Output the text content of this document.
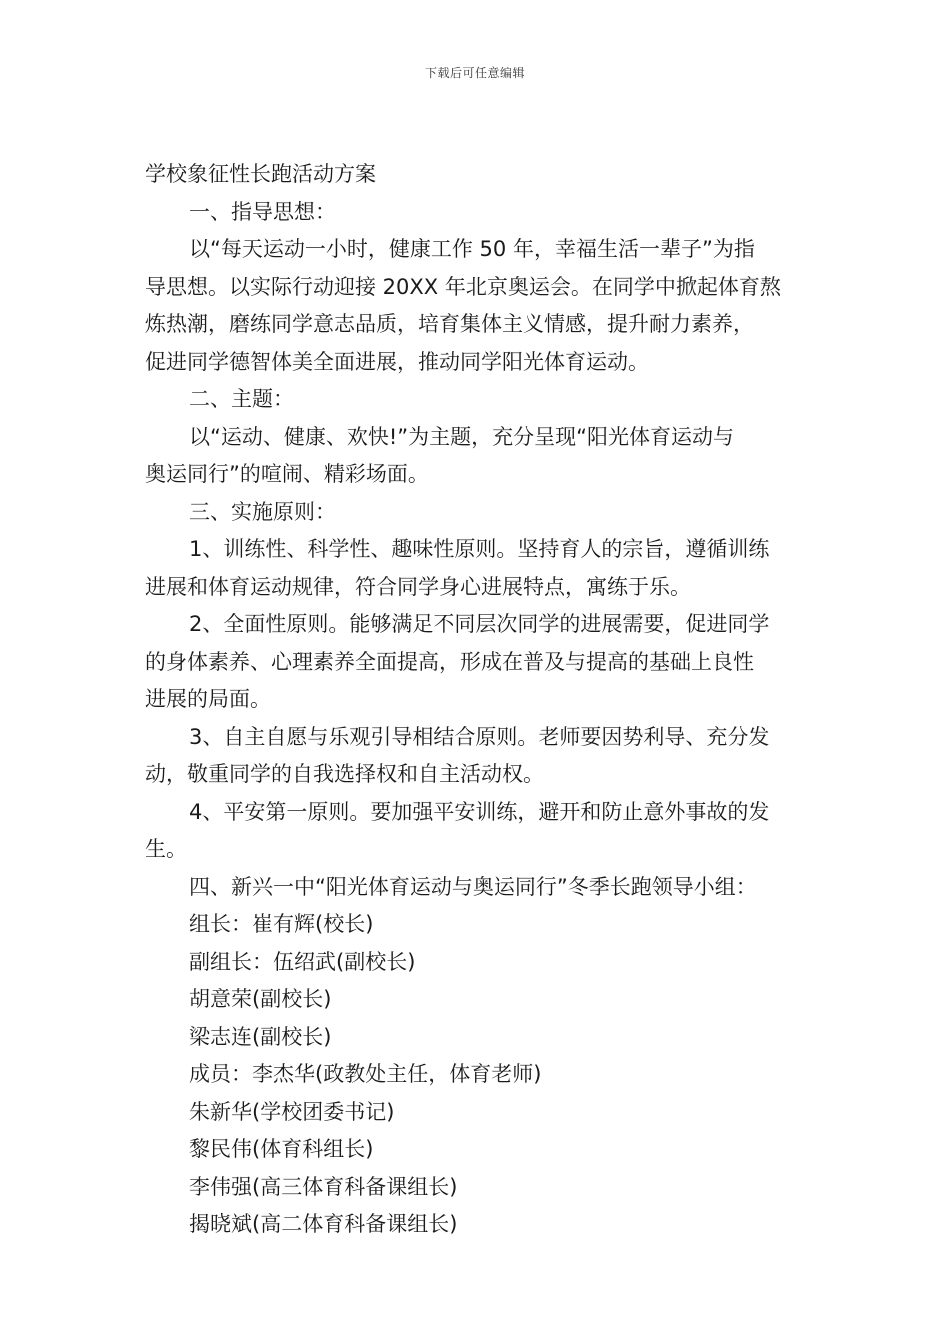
下载后可任意编辑
学校象征性长跑活动方案
一、指导思想：
以“每天运动一小时，健康工作 50 年，幸福生活一辈子”为指
导思想。以实际行动迎接 20XX 年北京奥运会。在同学中掀起体育熬
炼热潮，磨练同学意志品质，培育集体主义情感，提升耐力素养，
促进同学德智体美全面进展，推动同学阳光体育运动。
二、主题：
以“运动、健康、欢快!”为主题，充分呈现“阳光体育运动与
奥运同行”的喧闹、精彩场面。
三、实施原则：
1、训练性、科学性、趣味性原则。坚持育人的宗旨，遵循训练
进展和体育运动规律，符合同学身心进展特点，寓练于乐。
2、全面性原则。能够满足不同层次同学的进展需要，促进同学
的身体素养、心理素养全面提高，形成在普及与提高的基础上良性
进展的局面。
3、自主自愿与乐观引导相结合原则。老师要因势利导、充分发
动，敬重同学的自我选择权和自主活动权。
4、平安第一原则。要加强平安训练，避开和防止意外事故的发
生。
四、新兴一中“阳光体育运动与奥运同行”冬季长跑领导小组：
组长：崔有辉(校长)
副组长：伍绍武(副校长)
胡意荣(副校长)
梁志连(副校长)
成员：李杰华(政教处主任，体育老师)
朱新华(学校团委书记)
黎民伟(体育科组长)
李伟强(高三体育科备课组长)
揭晓斌(高二体育科备课组长)
